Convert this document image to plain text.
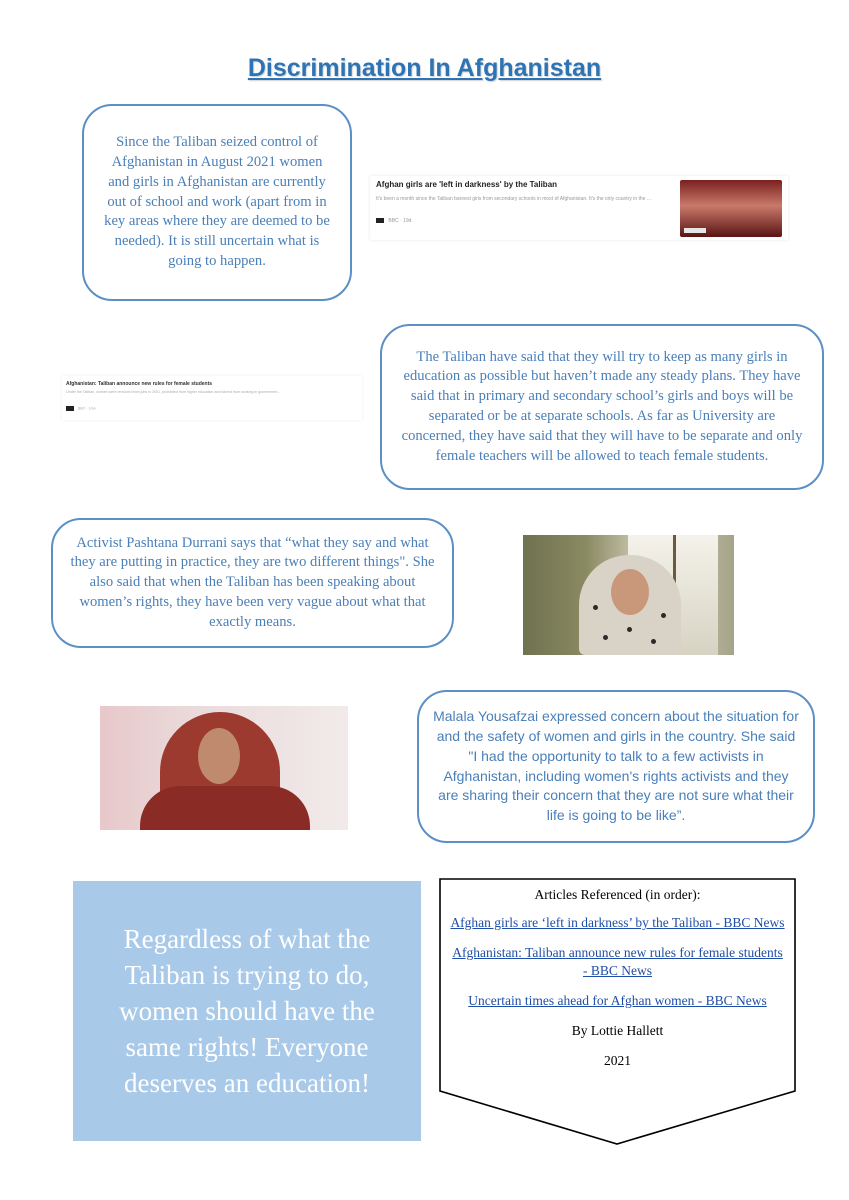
Discrimination In Afghanistan
Since the Taliban seized control of Afghanistan in August 2021 women and girls in Afghanistan are currently out of school and work (apart from in key areas where they are deemed to be needed). It is still uncertain what is going to happen.
Afghan girls are 'left in darkness' by the Taliban
It's been a month since the Taliban banned girls from secondary schools in most of Afghanistan. It's the only country in the ...
BBC · 19d
Afghanistan: Taliban announce new rules for female students
Under the Taliban, women were removed from jobs in 2001, prohibited from higher education and barred from working in government...
BBC · 1mo
The Taliban have said that they will try to keep as many girls in education as possible but haven’t made any steady plans. They have said that in primary and secondary school’s girls and boys will be separated or be at separate schools. As far as University are concerned, they have said that they will have to be separate and only female teachers will be allowed to teach female students.
Activist Pashtana Durrani says that “what they say and what they are putting in practice, they are two different things". She also said that when the Taliban has been speaking about women’s rights, they have been very vague about what that exactly means.
Malala Yousafzai expressed concern about the situation for and the safety of women and girls in the country. She said "I had the opportunity to talk to a few activists in Afghanistan, including women's rights activists and they are sharing their concern that they are not sure what their life is going to be like”.
Regardless of what the Taliban is trying to do, women should have the same rights! Everyone deserves an education!
Articles Referenced (in order):
Afghan girls are ‘left in darkness’ by the Taliban - BBC News
Afghanistan: Taliban announce new rules for female students - BBC News
Uncertain times ahead for Afghan women - BBC News
By Lottie Hallett
2021
